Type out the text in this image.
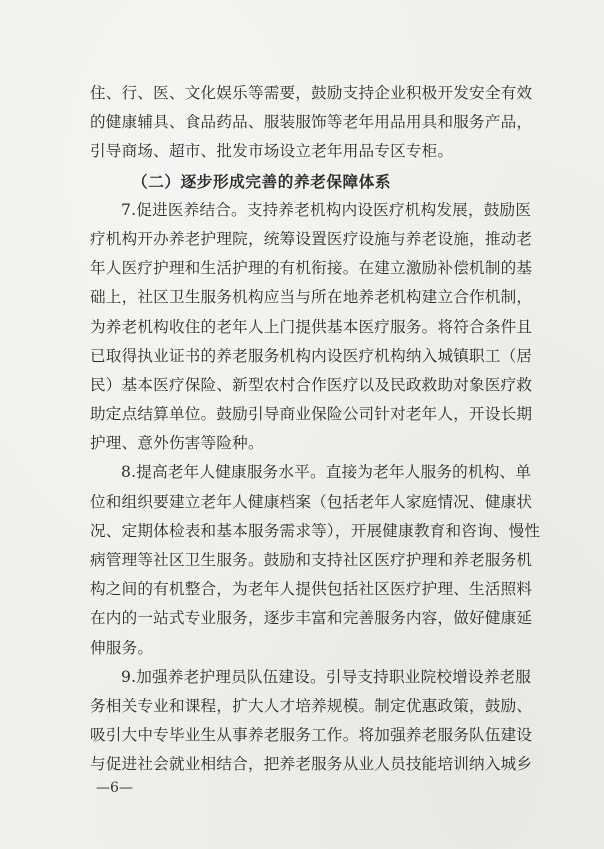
住、行、医、文化娱乐等需要，鼓励支持企业积极开发安全有效
的健康辅具、食品药品、服装服饰等老年用品用具和服务产品，
引导商场、超市、批发市场设立老年用品专区专柜。
（二）逐步形成完善的养老保障体系
7.促进医养结合。支持养老机构内设医疗机构发展，鼓励医
疗机构开办养老护理院，统筹设置医疗设施与养老设施，推动老
年人医疗护理和生活护理的有机衔接。在建立激励补偿机制的基
础上，社区卫生服务机构应当与所在地养老机构建立合作机制，
为养老机构收住的老年人上门提供基本医疗服务。将符合条件且
已取得执业证书的养老服务机构内设医疗机构纳入城镇职工（居
民）基本医疗保险、新型农村合作医疗以及民政救助对象医疗救
助定点结算单位。鼓励引导商业保险公司针对老年人，开设长期
护理、意外伤害等险种。
8.提高老年人健康服务水平。直接为老年人服务的机构、单
位和组织要建立老年人健康档案（包括老年人家庭情况、健康状
况、定期体检表和基本服务需求等），开展健康教育和咨询、慢性
病管理等社区卫生服务。鼓励和支持社区医疗护理和养老服务机
构之间的有机整合，为老年人提供包括社区医疗护理、生活照料
在内的一站式专业服务，逐步丰富和完善服务内容，做好健康延
伸服务。
9.加强养老护理员队伍建设。引导支持职业院校增设养老服
务相关专业和课程，扩大人才培养规模。制定优惠政策，鼓励、
吸引大中专毕业生从事养老服务工作。将加强养老服务队伍建设
与促进社会就业相结合，把养老服务从业人员技能培训纳入城乡
—6—
